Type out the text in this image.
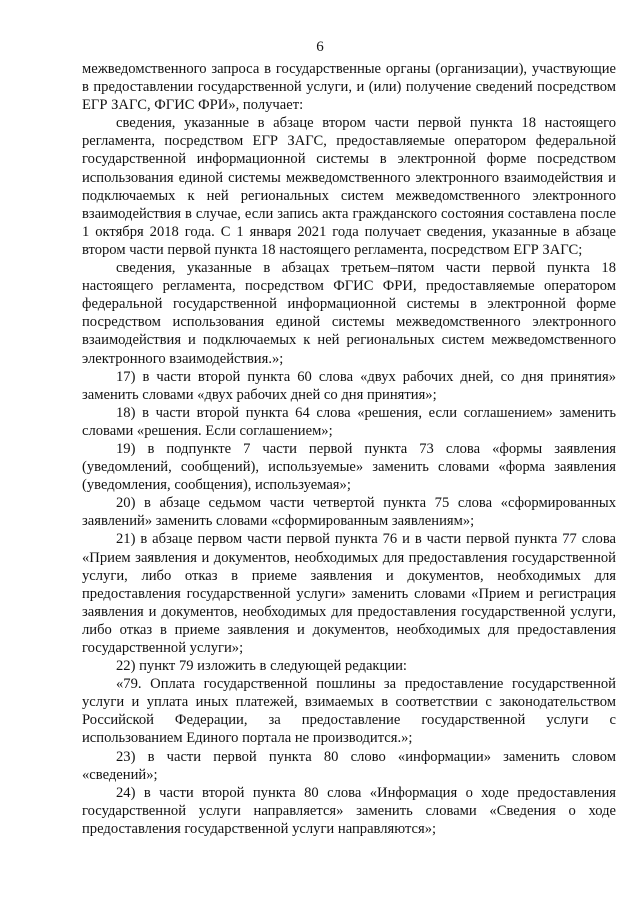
6

межведомственного запроса в государственные органы (организации), участвующие в предоставлении государственной услуги, и (или) получение сведений посредством ЕГР ЗАГС, ФГИС ФРИ», получает:

сведения, указанные в абзаце втором части первой пункта 18 настоящего регламента, посредством ЕГР ЗАГС, предоставляемые оператором федеральной государственной информационной системы в электронной форме посредством использования единой системы межведомственного электронного взаимодействия и подключаемых к ней региональных систем межведомственного электронного взаимодействия в случае, если запись акта гражданского состояния составлена после 1 октября 2018 года. С 1 января 2021 года получает сведения, указанные в абзаце втором части первой пункта 18 настоящего регламента, посредством ЕГР ЗАГС;

сведения, указанные в абзацах третьем–пятом части первой пункта 18 настоящего регламента, посредством ФГИС ФРИ, предоставляемые оператором федеральной государственной информационной системы в электронной форме посредством использования единой системы межведомственного электронного взаимодействия и подключаемых к ней региональных систем межведомственного электронного взаимодействия.»;

17) в части второй пункта 60 слова «двух рабочих дней, со дня принятия» заменить словами «двух рабочих дней со дня принятия»;

18) в части второй пункта 64 слова «решения, если соглашением» заменить словами «решения. Если соглашением»;

19) в подпункте 7 части первой пункта 73 слова «формы заявления (уведомлений, сообщений), используемые» заменить словами «форма заявления (уведомления, сообщения), используемая»;

20) в абзаце седьмом части четвертой пункта 75 слова «сформированных заявлений» заменить словами «сформированным заявлениям»;

21) в абзаце первом части первой пункта 76 и в части первой пункта 77 слова «Прием заявления и документов, необходимых для предоставления государственной услуги, либо отказ в приеме заявления и документов, необходимых для предоставления государственной услуги» заменить словами «Прием и регистрация заявления и документов, необходимых для предоставления государственной услуги, либо отказ в приеме заявления и документов, необходимых для предоставления государственной услуги»;

22) пункт 79 изложить в следующей редакции:

«79. Оплата государственной пошлины за предоставление государственной услуги и уплата иных платежей, взимаемых в соответствии с законодательством Российской Федерации, за предоставление государственной услуги с использованием Единого портала не производится.»;

23) в части первой пункта 80 слово «информации» заменить словом «сведений»;

24) в части второй пункта 80 слова «Информация о ходе предоставления государственной услуги направляется» заменить словами «Сведения о ходе предоставления государственной услуги направляются»;
